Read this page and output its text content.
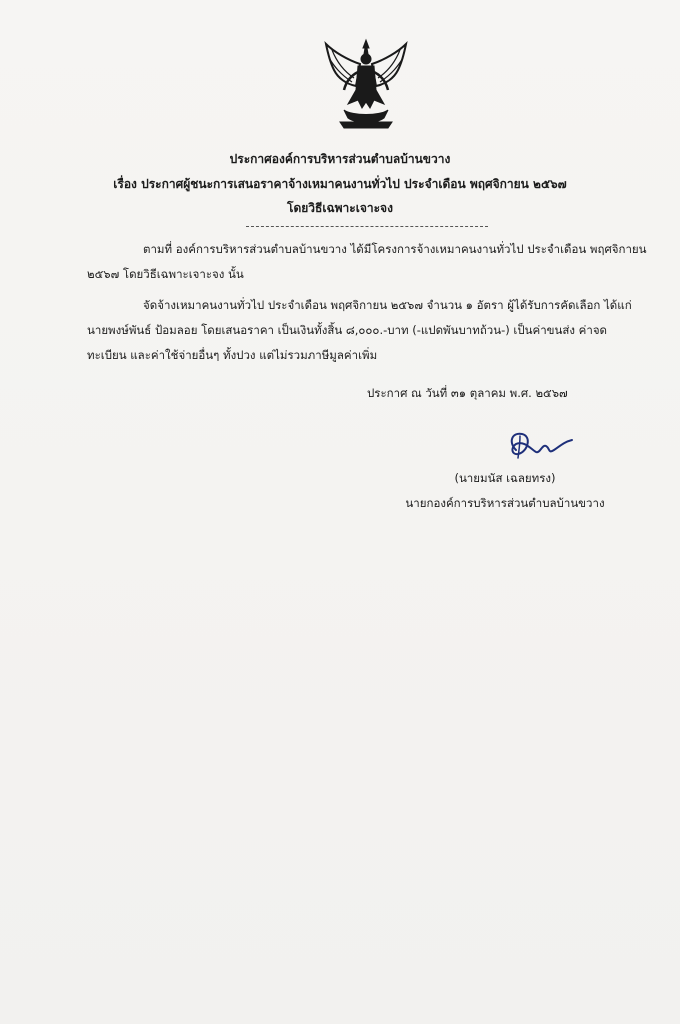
ประกาศองค์การบริหารส่วนตำบลบ้านขวาง
เรื่อง ประกาศผู้ชนะการเสนอราคาจ้างเหมาคนงานทั่วไป ประจำเดือน พฤศจิกายน ๒๕๖๗
โดยวิธีเฉพาะเจาะจง
ตามที่ องค์การบริหารส่วนตำบลบ้านขวาง ได้มีโครงการจ้างเหมาคนงานทั่วไป ประจำเดือน พฤศจิกายน
๒๕๖๗ โดยวิธีเฉพาะเจาะจง นั้น
จัดจ้างเหมาคนงานทั่วไป ประจำเดือน พฤศจิกายน ๒๕๖๗ จำนวน ๑ อัตรา ผู้ได้รับการคัดเลือก ได้แก่
นายพงษ์พันธ์ ป้อมลอย โดยเสนอราคา เป็นเงินทั้งสิ้น ๘,๐๐๐.-บาท (-แปดพันบาทถ้วน-) เป็นค่าขนส่ง ค่าจด
ทะเบียน และค่าใช้จ่ายอื่นๆ ทั้งปวง แต่ไม่รวมภาษีมูลค่าเพิ่ม
ประกาศ ณ วันที่ ๓๑ ตุลาคม พ.ศ. ๒๕๖๗
(นายมนัส เฉลยทรง)
นายกองค์การบริหารส่วนตำบลบ้านขวาง
